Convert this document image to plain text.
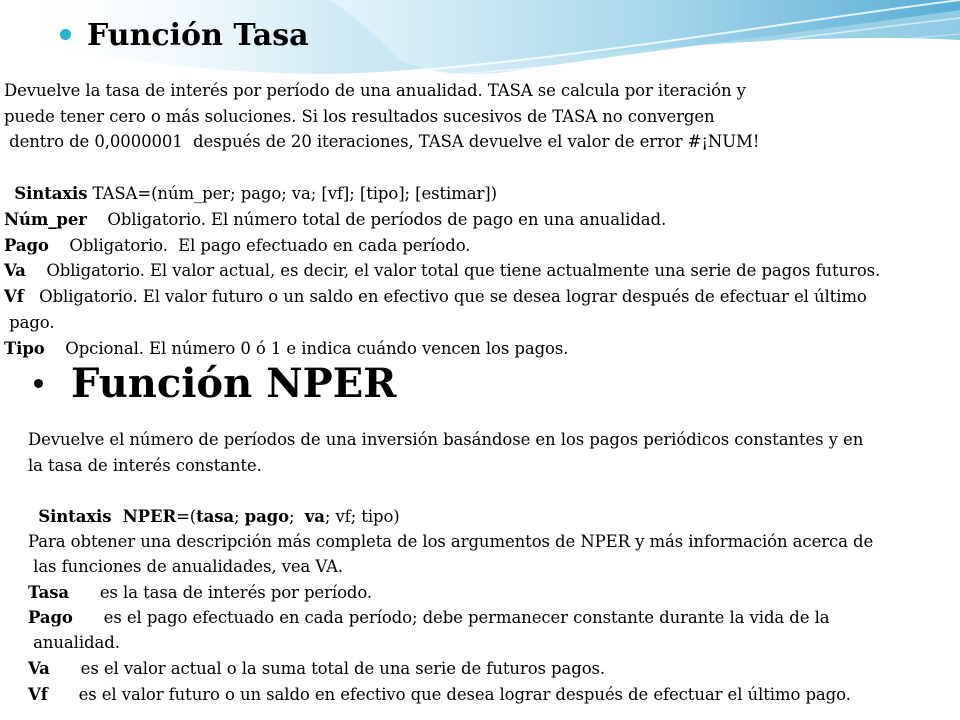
Función Tasa
Devuelve la tasa de interés por período de una anualidad. TASA se calcula por iteración y
puede tener cero o más soluciones. Si los resultados sucesivos de TASA no convergen
dentro de 0,0000001  después de 20 iteraciones, TASA devuelve el valor de error #¡NUM!

Sintaxis TASA=(núm_per; pago; va; [vf]; [tipo]; [estimar])

Núm_per    Obligatorio. El número total de períodos de pago en una anualidad.
Pago    Obligatorio.  El pago efectuado en cada período.
Va    Obligatorio. El valor actual, es decir, el valor total que tiene actualmente una serie de pagos futuros.
Vf   Obligatorio. El valor futuro o un saldo en efectivo que se desea lograr después de efectuar el último
pago.
Tipo    Opcional. El número 0 ó 1 e indica cuándo vencen los pagos.
Función NPER
Devuelve el número de períodos de una inversión basándose en los pagos periódicos constantes y en
la tasa de interés constante.

Sintaxis  NPER=(tasa; pago;  va; vf; tipo)

Para obtener una descripción más completa de los argumentos de NPER y más información acerca de
las funciones de anualidades, vea VA.
Tasa      es la tasa de interés por período.
Pago      es el pago efectuado en cada período; debe permanecer constante durante la vida de la
anualidad.
Va      es el valor actual o la suma total de una serie de futuros pagos.
Vf      es el valor futuro o un saldo en efectivo que desea lograr después de efectuar el último pago.
